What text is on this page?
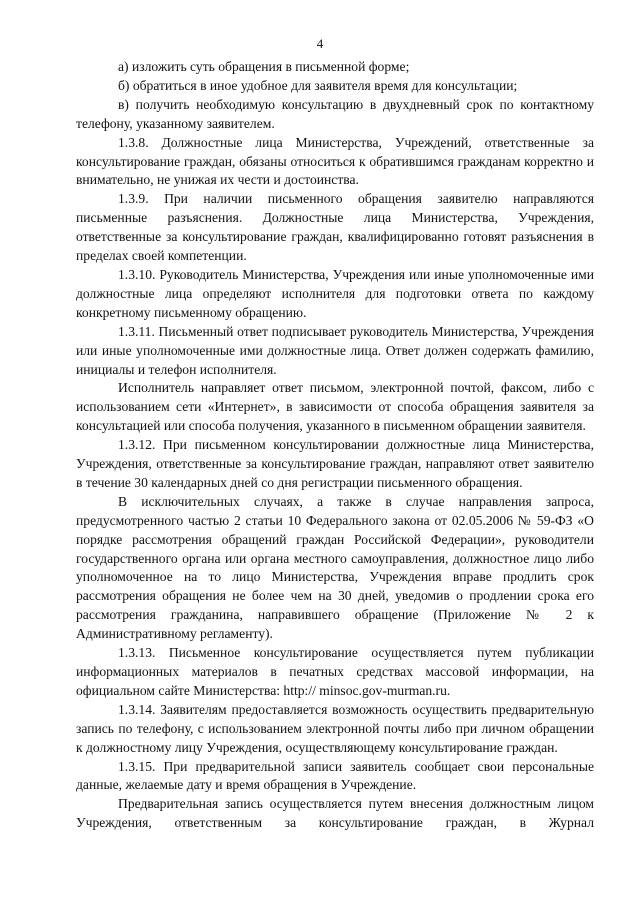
4

а) изложить суть обращения в письменной форме;

б) обратиться в иное удобное для заявителя время для консультации;

в) получить необходимую консультацию в двухдневный срок по контактному телефону, указанному заявителем.

1.3.8. Должностные лица Министерства, Учреждений, ответственные за консультирование граждан, обязаны относиться к обратившимся гражданам корректно и внимательно, не унижая их чести и достоинства.

1.3.9. При наличии письменного обращения заявителю направляются письменные разъяснения. Должностные лица Министерства, Учреждения, ответственные за консультирование граждан, квалифицированно готовят разъяснения в пределах своей компетенции.

1.3.10. Руководитель Министерства, Учреждения или иные уполномоченные ими должностные лица определяют исполнителя для подготовки ответа по каждому конкретному письменному обращению.

1.3.11. Письменный ответ подписывает руководитель Министерства, Учреждения или иные уполномоченные ими должностные лица. Ответ должен содержать фамилию, инициалы и телефон исполнителя.

Исполнитель направляет ответ письмом, электронной почтой, факсом, либо с использованием сети «Интернет», в зависимости от способа обращения заявителя за консультацией или способа получения, указанного в письменном обращении заявителя.

1.3.12. При письменном консультировании должностные лица Министерства, Учреждения, ответственные за консультирование граждан, направляют ответ заявителю в течение 30 календарных дней со дня регистрации письменного обращения.

В исключительных случаях, а также в случае направления запроса, предусмотренного частью 2 статьи 10 Федерального закона от 02.05.2006 № 59-ФЗ «О порядке рассмотрения обращений граждан Российской Федерации», руководители государственного органа или органа местного самоуправления, должностное лицо либо уполномоченное на то лицо Министерства, Учреждения вправе продлить срок рассмотрения обращения не более чем на 30 дней, уведомив о продлении срока его рассмотрения гражданина, направившего обращение (Приложение № 2 к Административному регламенту).

1.3.13. Письменное консультирование осуществляется путем публикации информационных материалов в печатных средствах массовой информации, на официальном сайте Министерства: http:// minsoc.gov-murman.ru.

1.3.14. Заявителям предоставляется возможность осуществить предварительную запись по телефону, с использованием электронной почты либо при личном обращении к должностному лицу Учреждения, осуществляющему консультирование граждан.

1.3.15. При предварительной записи заявитель сообщает свои персональные данные, желаемые дату и время обращения в Учреждение.

Предварительная запись осуществляется путем внесения должностным лицом Учреждения, ответственным за консультирование граждан, в Журнал
